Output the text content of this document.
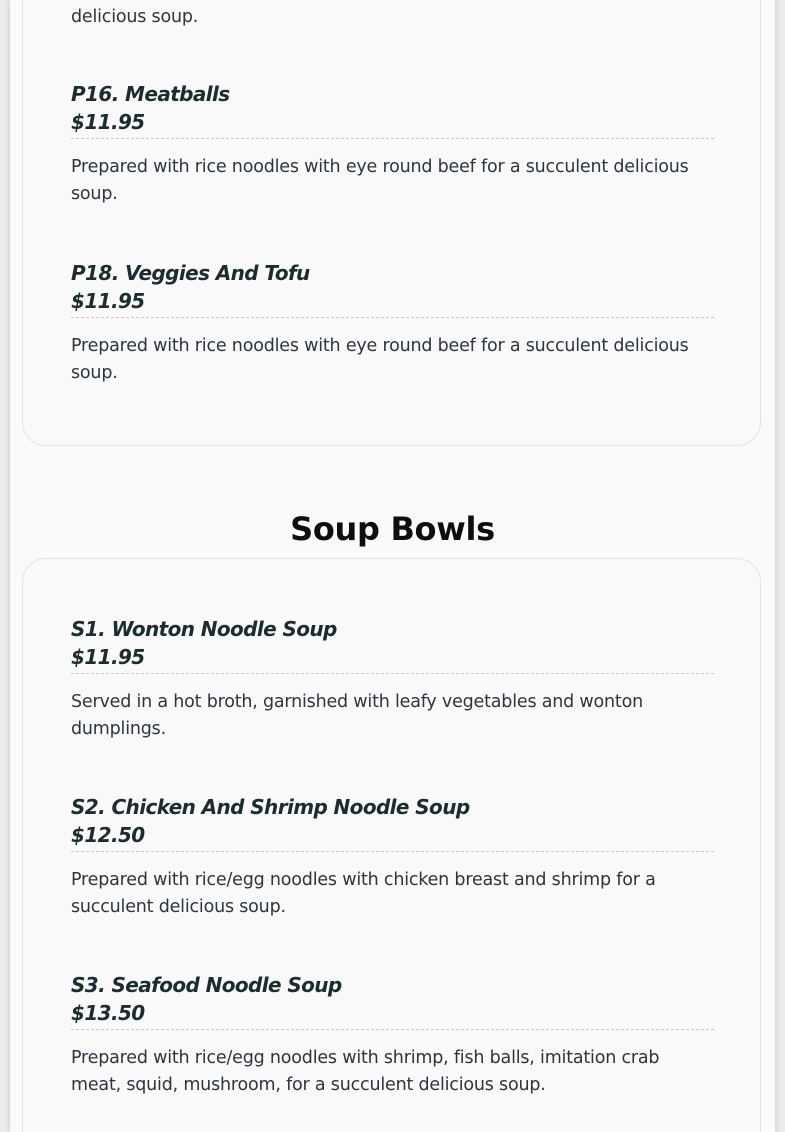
delicious soup.
P16. Meatballs
$11.95
Prepared with rice noodles with eye round beef for a succulent delicious soup.
P18. Veggies And Tofu
$11.95
Prepared with rice noodles with eye round beef for a succulent delicious soup.
Soup Bowls
S1. Wonton Noodle Soup
$11.95
Served in a hot broth, garnished with leafy vegetables and wonton dumplings.
S2. Chicken And Shrimp Noodle Soup
$12.50
Prepared with rice/egg noodles with chicken breast and shrimp for a succulent delicious soup.
S3. Seafood Noodle Soup
$13.50
Prepared with rice/egg noodles with shrimp, fish balls, imitation crab meat, squid, mushroom, for a succulent delicious soup.
